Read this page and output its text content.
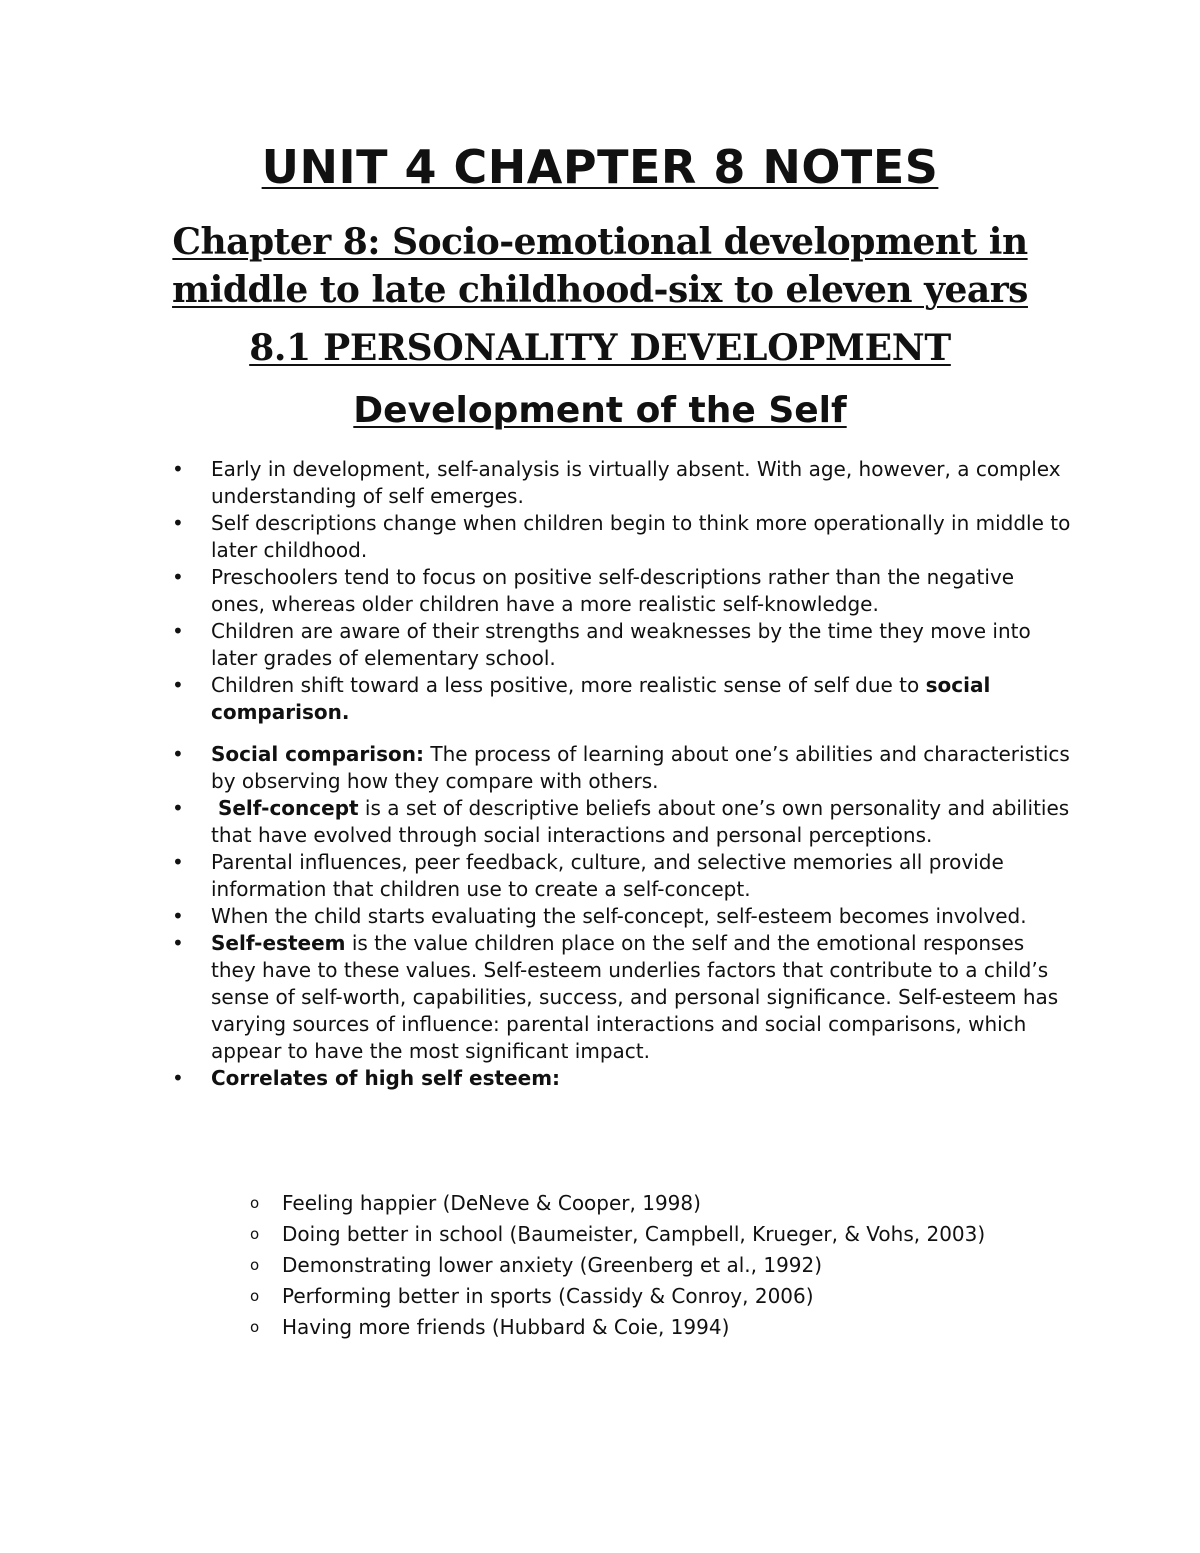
UNIT 4 CHAPTER 8 NOTES
Chapter 8: Socio-emotional development in
middle to late childhood-six to eleven years
8.1 PERSONALITY DEVELOPMENT
Development of the Self
• Early in development, self-analysis is virtually absent. With age, however, a complex understanding of self emerges.
• Self descriptions change when children begin to think more operationally in middle to later childhood.
• Preschoolers tend to focus on positive self-descriptions rather than the negative ones, whereas older children have a more realistic self-knowledge.
• Children are aware of their strengths and weaknesses by the time they move into later grades of elementary school.
• Children shift toward a less positive, more realistic sense of self due to social comparison.
• Social comparison: The process of learning about one’s abilities and characteristics by observing how they compare with others.
• Self-concept is a set of descriptive beliefs about one’s own personality and abilities that have evolved through social interactions and personal perceptions.
• Parental influences, peer feedback, culture, and selective memories all provide information that children use to create a self-concept.
• When the child starts evaluating the self-concept, self-esteem becomes involved.
• Self-esteem is the value children place on the self and the emotional responses they have to these values. Self-esteem underlies factors that contribute to a child’s sense of self-worth, capabilities, success, and personal significance. Self-esteem has varying sources of influence: parental interactions and social comparisons, which appear to have the most significant impact.
• Correlates of high self esteem:
o Feeling happier (DeNeve & Cooper, 1998)
o Doing better in school (Baumeister, Campbell, Krueger, & Vohs, 2003)
o Demonstrating lower anxiety (Greenberg et al., 1992)
o Performing better in sports (Cassidy & Conroy, 2006)
o Having more friends (Hubbard & Coie, 1994)
